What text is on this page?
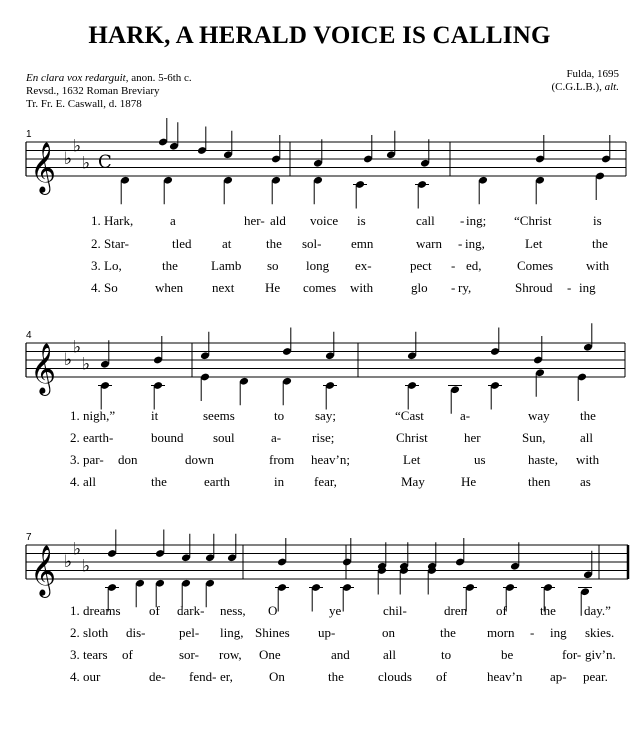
HARK, A HERALD VOICE IS CALLING
En clara vox redarguit, anon. 5-6th c.
Revsd., 1632 Roman Breviary
Tr. Fr. E. Caswall, d. 1878
Fulda, 1695
(C.G.L.B.), alt.
1
𝄞 ♭
♭
♭ C
1. Hark,	a	her- ald voice is	call - ing; “Christ	is
2. Star-	tled at	the sol- emn	warn - ing,	Let	the
3. Lo,	the	Lamb so long ex-	pect - ed,	Comes	with
4. So	when next He comes with	glo - ry,	Shroud - ing
4
𝄞 ♭
♭
♭
1. nigh,”	it	seems	to say;	“Cast	a-	way the
2. earth-	bound soul	a- rise;	Christ	her	Sun,	all
3. par- don	down	from heav’n;	Let	us	haste, with
4. all	the	earth	in fear,	May	He	then as
7
𝄞 ♭
♭
♭
1. dreams of dark- ness, O	ye	chil-	dren of	the day.”
2. sloth dis-	pel- ling, Shines up-	on	the morn - ing skies.
3. tears of	sor- row, One	and	all	to	be	for- giv’n.
4. our	de- fend- er,	On	the	clouds of	heav’n ap- pear.
